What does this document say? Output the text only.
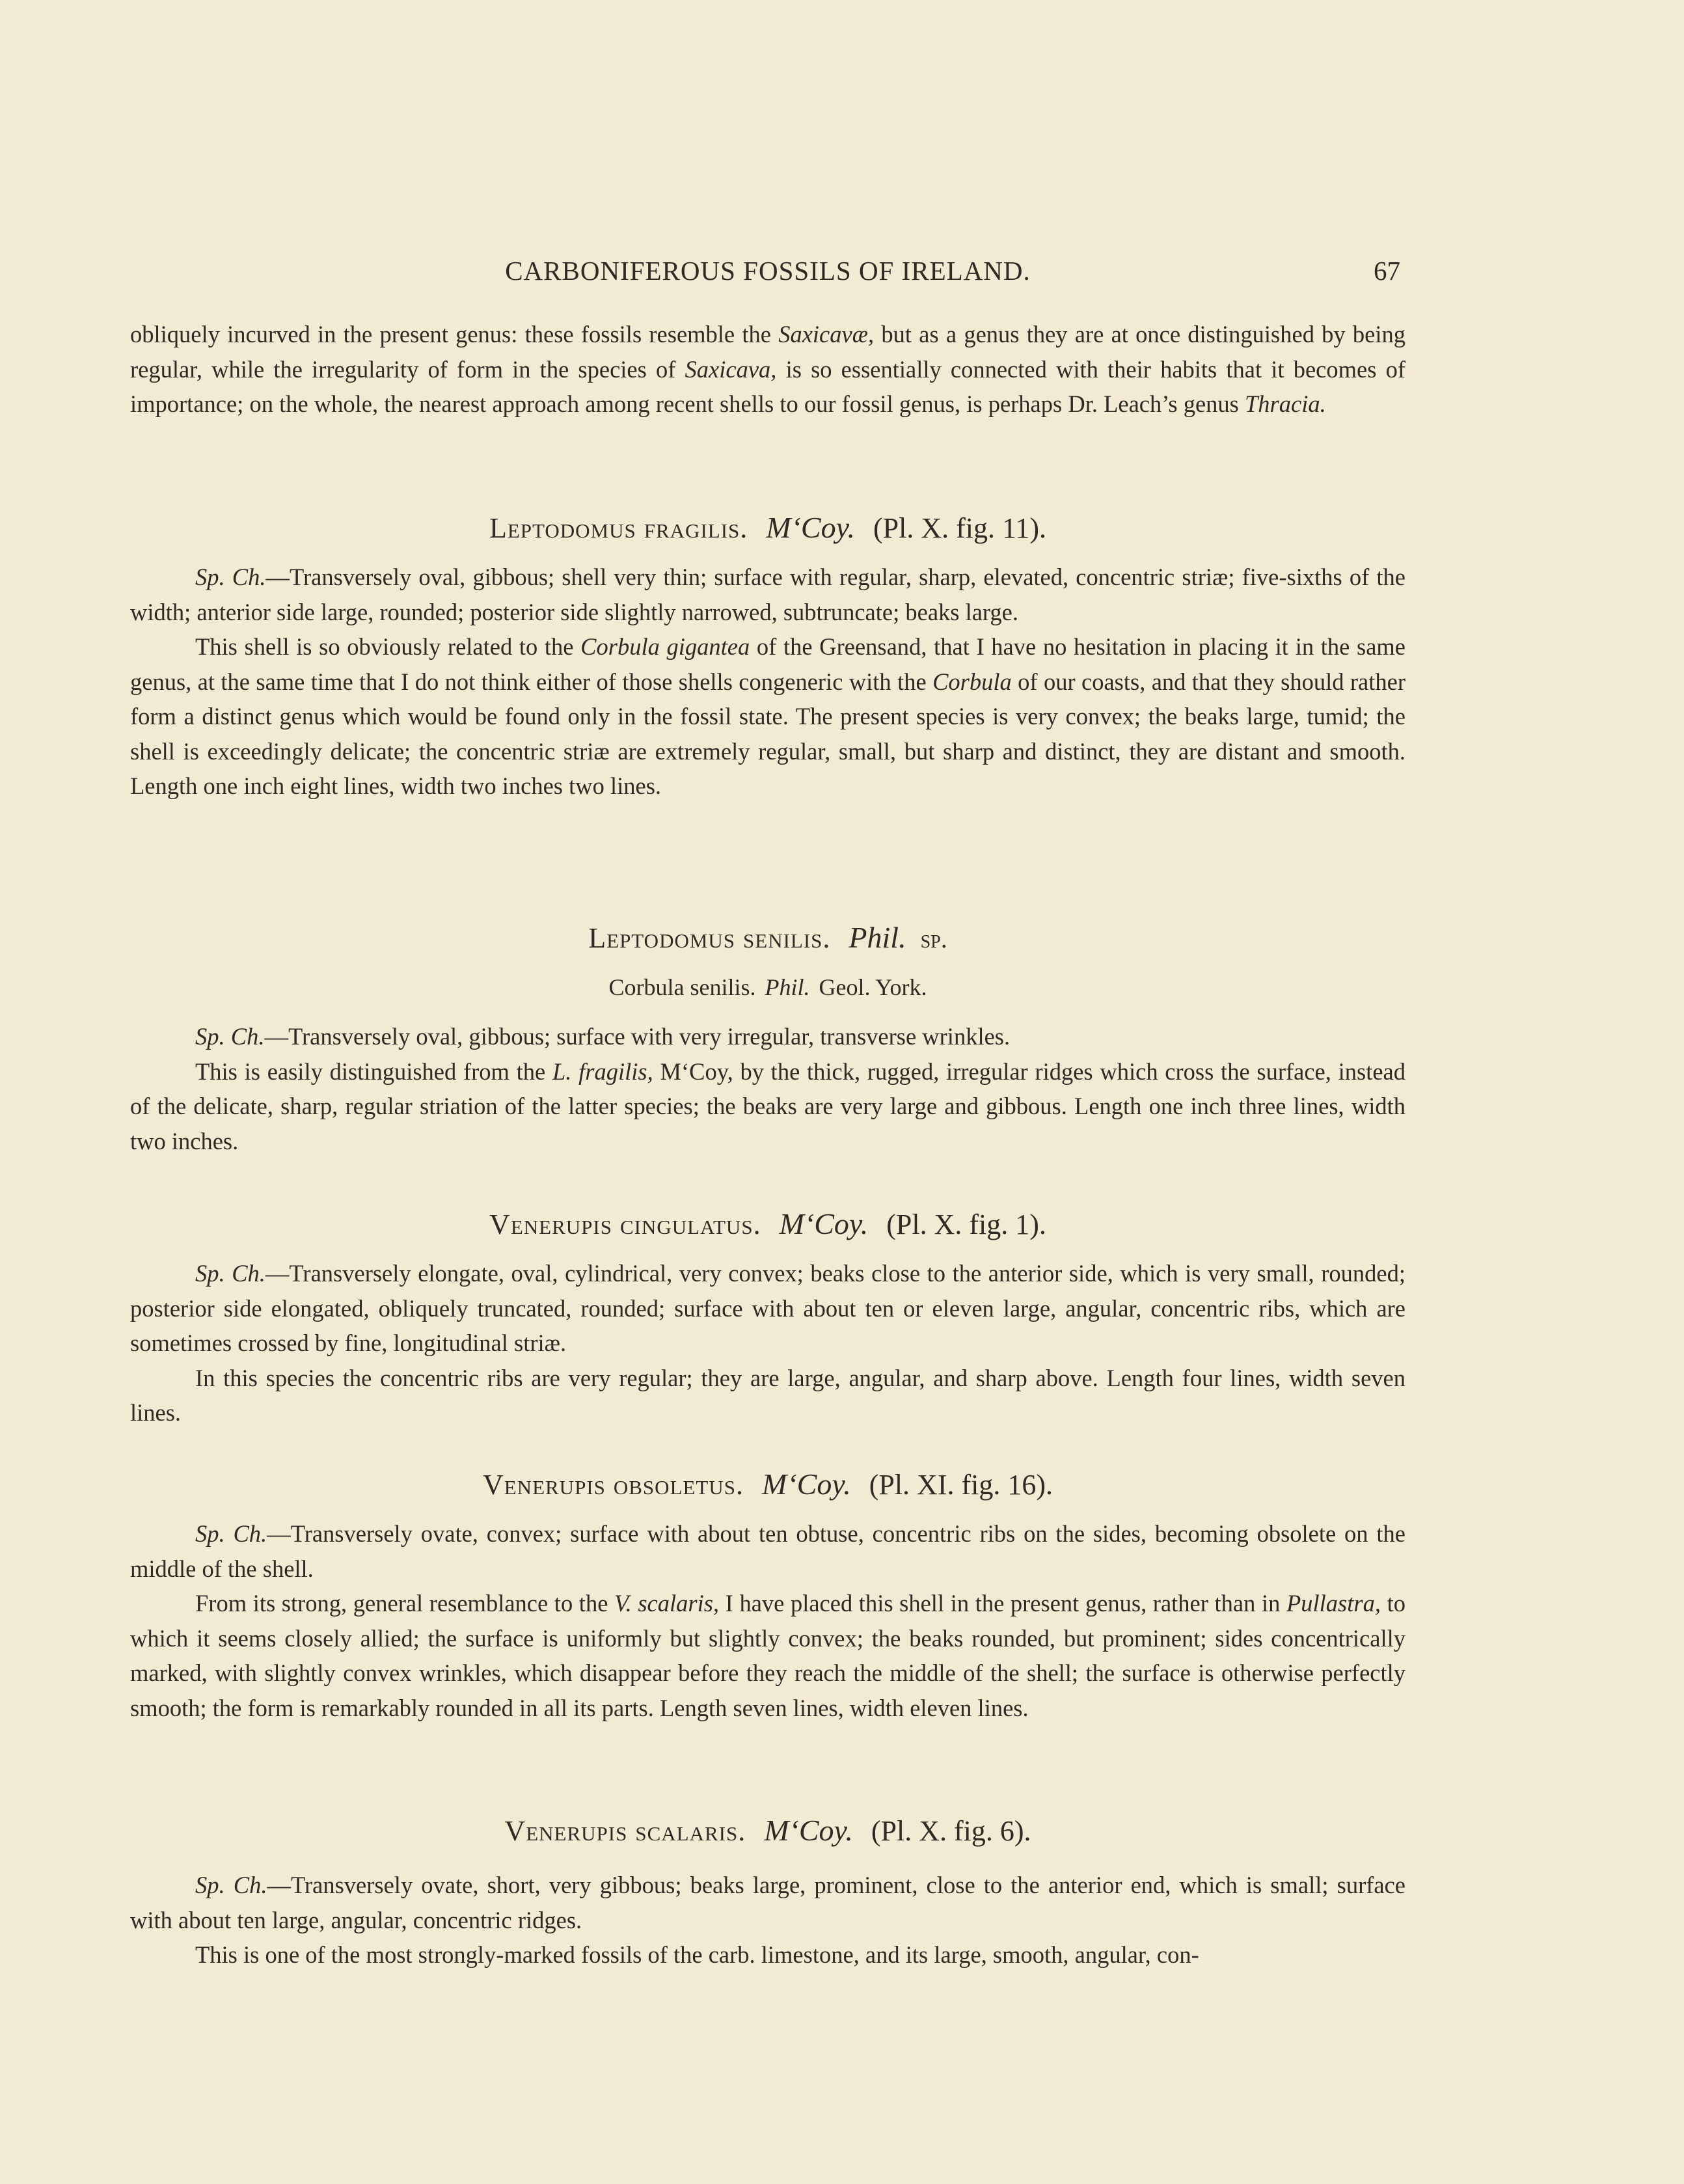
CARBONIFEROUS FOSSILS OF IRELAND.	67

obliquely incurved in the present genus: these fossils resemble the Saxicavæ, but as a genus they are at once distinguished by being regular, while the irregularity of form in the species of Saxicava, is so essentially connected with their habits that it becomes of importance; on the whole, the nearest approach among recent shells to our fossil genus, is perhaps Dr. Leach’s genus Thracia.

Leptodomus fragilis. M‘Coy. (Pl. X. fig. 11).

Sp. Ch.—Transversely oval, gibbous; shell very thin; surface with regular, sharp, elevated, concentric striæ; five-sixths of the width; anterior side large, rounded; posterior side slightly narrowed, subtruncate; beaks large.

This shell is so obviously related to the Corbula gigantea of the Greensand, that I have no hesitation in placing it in the same genus, at the same time that I do not think either of those shells congeneric with the Corbula of our coasts, and that they should rather form a distinct genus which would be found only in the fossil state. The present species is very convex; the beaks large, tumid; the shell is exceedingly delicate; the concentric striæ are extremely regular, small, but sharp and distinct, they are distant and smooth. Length one inch eight lines, width two inches two lines.

Leptodomus senilis. Phil. sp.
Corbula senilis. Phil. Geol. York.

Sp. Ch.—Transversely oval, gibbous; surface with very irregular, transverse wrinkles.

This is easily distinguished from the L. fragilis, M‘Coy, by the thick, rugged, irregular ridges which cross the surface, instead of the delicate, sharp, regular striation of the latter species; the beaks are very large and gibbous. Length one inch three lines, width two inches.

Venerupis cingulatus. M‘Coy. (Pl. X. fig. 1).

Sp. Ch.—Transversely elongate, oval, cylindrical, very convex; beaks close to the anterior side, which is very small, rounded; posterior side elongated, obliquely truncated, rounded; surface with about ten or eleven large, angular, concentric ribs, which are sometimes crossed by fine, longitudinal striæ.

In this species the concentric ribs are very regular; they are large, angular, and sharp above. Length four lines, width seven lines.

Venerupis obsoletus. M‘Coy. (Pl. XI. fig. 16).

Sp. Ch.—Transversely ovate, convex; surface with about ten obtuse, concentric ribs on the sides, becoming obsolete on the middle of the shell.

From its strong, general resemblance to the V. scalaris, I have placed this shell in the present genus, rather than in Pullastra, to which it seems closely allied; the surface is uniformly but slightly convex; the beaks rounded, but prominent; sides concentrically marked, with slightly convex wrinkles, which disappear before they reach the middle of the shell; the surface is otherwise perfectly smooth; the form is remarkably rounded in all its parts. Length seven lines, width eleven lines.

Venerupis scalaris. M‘Coy. (Pl. X. fig. 6).

Sp. Ch.—Transversely ovate, short, very gibbous; beaks large, prominent, close to the anterior end, which is small; surface with about ten large, angular, concentric ridges.

This is one of the most strongly-marked fossils of the carb. limestone, and its large, smooth, angular, con-
